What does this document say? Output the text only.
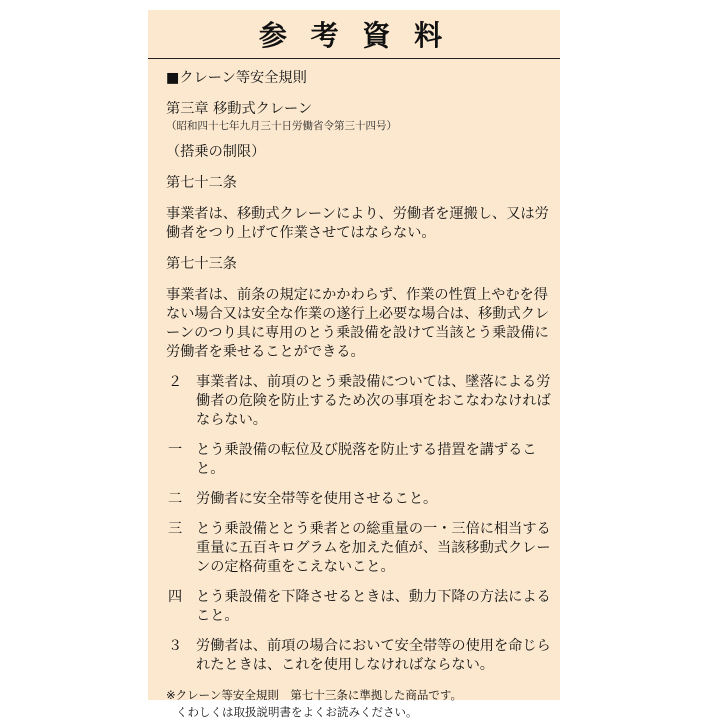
参 考 資 料

■クレーン等安全規則

第三章 移動式クレーン

（昭和四十七年九月三十日労働省令第三十四号）

（搭乗の制限）

第七十二条

事業者は、移動式クレーンにより、労働者を運搬し、又は労働者をつり上げて作業させてはならない。

第七十三条

事業者は、前条の規定にかかわらず、作業の性質上やむを得ない場合又は安全な作業の遂行上必要な場合は、移動式クレーンのつり具に専用のとう乗設備を設けて当該とう乗設備に労働者を乗せることができる。

２ 事業者は、前項のとう乗設備については、墜落による労働者の危険を防止するため次の事項をおこなわなければならない。
一 とう乗設備の転位及び脱落を防止する措置を講ずること。
二 労働者に安全帯等を使用させること。
三 とう乗設備ととう乗者との総重量の一・三倍に相当する重量に五百キログラムを加えた値が、当該移動式クレーンの定格荷重をこえないこと。
四 とう乗設備を下降させるときは、動力下降の方法によること。
３ 労働者は、前項の場合において安全帯等の使用を命じられたときは、これを使用しなければならない。
※クレーン等安全規則　第七十三条に準拠した商品です。
くわしくは取扱説明書をよくお読みください。
